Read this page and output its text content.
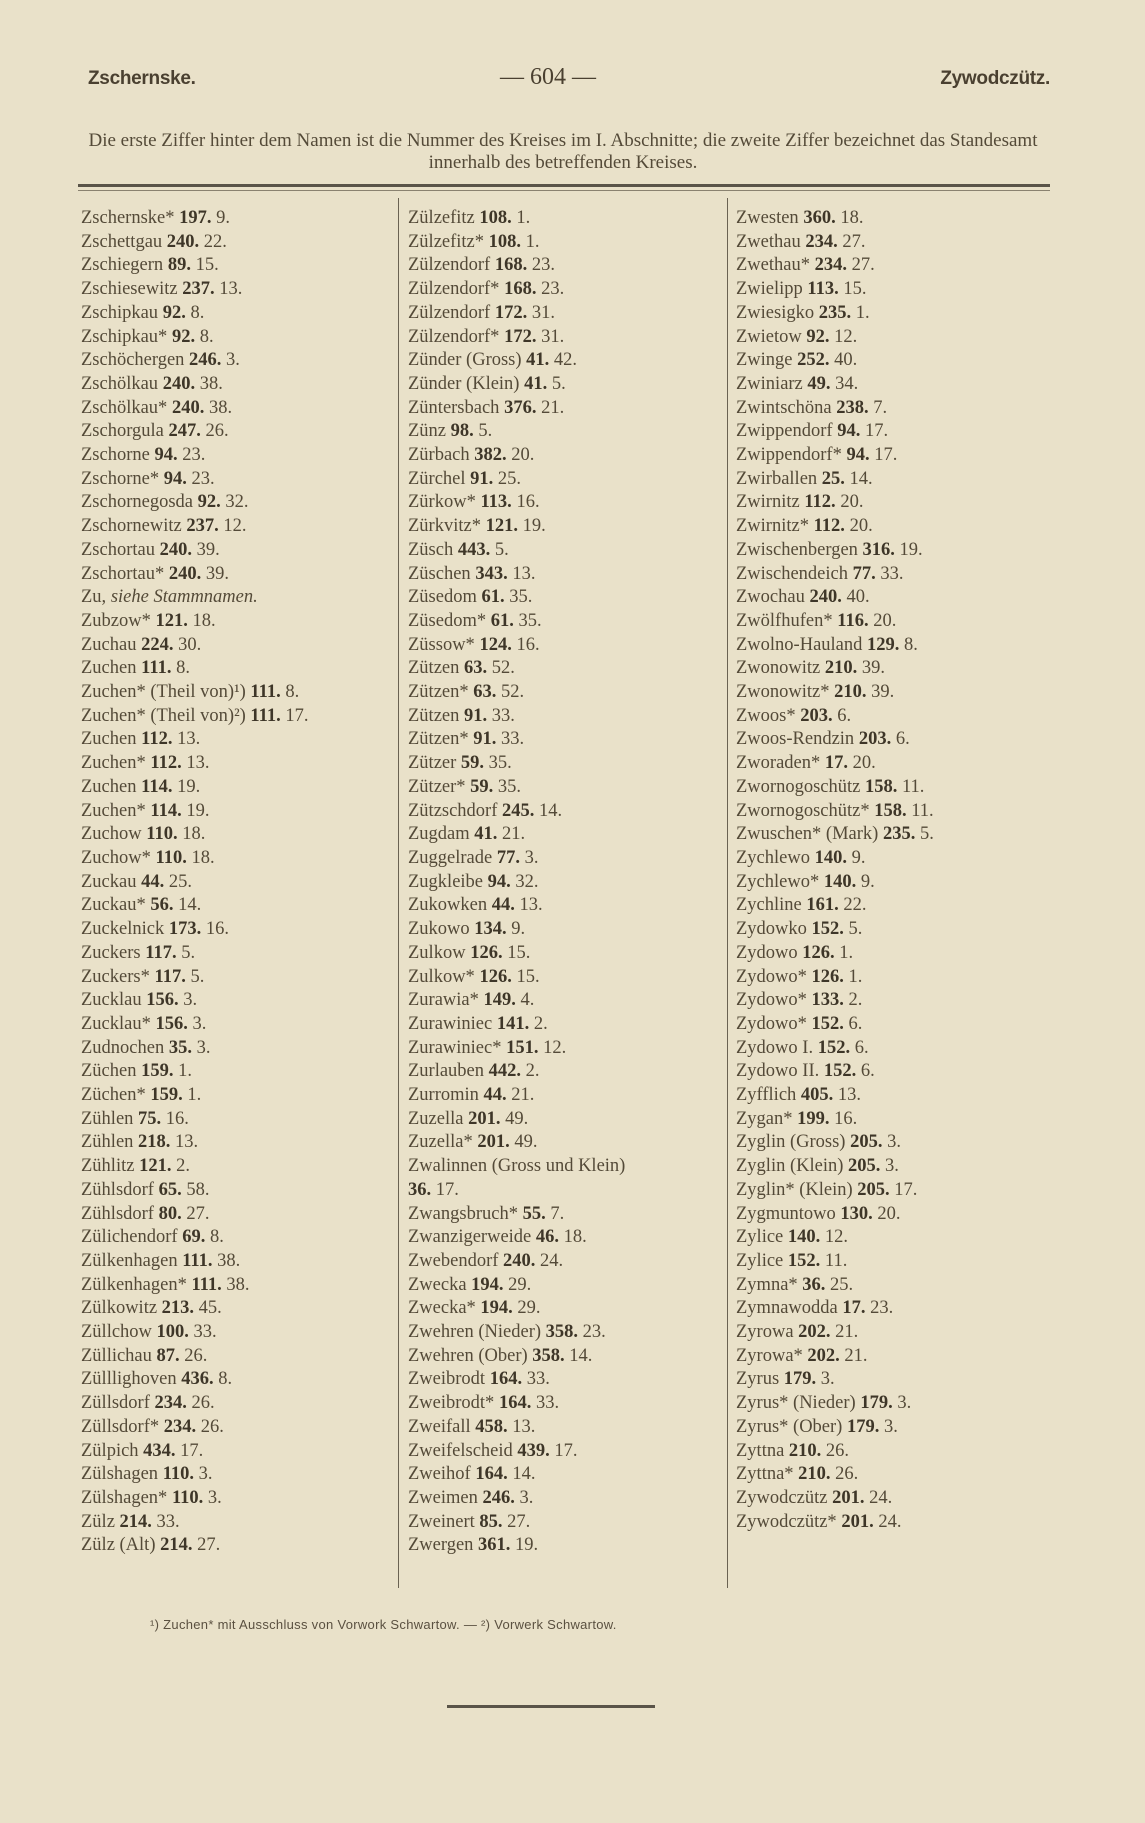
Zschernske.	— 604 —	Zywodczütz.
Die erste Ziffer hinter dem Namen ist die Nummer des Kreises im I. Abschnitte; die zweite Ziffer bezeichnet das Standesamt innerhalb des betreffenden Kreises.
Zschernske* 197. 9.
Zschettgau 240. 22.
Zschiegern 89. 15.
Zschiesewitz 237. 13.
Zschipkau 92. 8.
Zschipkau* 92. 8.
Zschöchergen 246. 3.
Zschölkau 240. 38.
Zschölkau* 240. 38.
Zschorgula 247. 26.
Zschorne 94. 23.
Zschorne* 94. 23.
Zschornegosda 92. 32.
Zschornewitz 237. 12.
Zschortau 240. 39.
Zschortau* 240. 39.
Zu, siehe Stammnamen.
Zubzow* 121. 18.
Zuchau 224. 30.
Zuchen 111. 8.
Zuchen* (Theil von)¹) 111. 8.
Zuchen* (Theil von)²) 111. 17.
Zuchen 112. 13.
Zuchen* 112. 13.
Zuchen 114. 19.
Zuchen* 114. 19.
Zuchow 110. 18.
Zuchow* 110. 18.
Zuckau 44. 25.
Zuckau* 56. 14.
Zuckelnick 173. 16.
Zuckers 117. 5.
Zuckers* 117. 5.
Zucklau 156. 3.
Zucklau* 156. 3.
Zudnochen 35. 3.
Züchen 159. 1.
Züchen* 159. 1.
Zühlen 75. 16.
Zühlen 218. 13.
Zühlitz 121. 2.
Zühlsdorf 65. 58.
Zühlsdorf 80. 27.
Zülichendorf 69. 8.
Zülkenhagen 111. 38.
Zülkenhagen* 111. 38.
Zülkowitz 213. 45.
Züllchow 100. 33.
Züllichau 87. 26.
Zülllighoven 436. 8.
Züllsdorf 234. 26.
Züllsdorf* 234. 26.
Zülpich 434. 17.
Zülshagen 110. 3.
Zülshagen* 110. 3.
Zülz 214. 33.
Zülz (Alt) 214. 27.
Zülzefitz 108. 1.
Zülzefitz* 108. 1.
Zülzendorf 168. 23.
Zülzendorf* 168. 23.
Zülzendorf 172. 31.
Zülzendorf* 172. 31.
Zünder (Gross) 41. 42.
Zünder (Klein) 41. 5.
Züntersbach 376. 21.
Zünz 98. 5.
Zürbach 382. 20.
Zürchel 91. 25.
Zürkow* 113. 16.
Zürkvitz* 121. 19.
Züsch 443. 5.
Züschen 343. 13.
Züsedom 61. 35.
Züsedom* 61. 35.
Züssow* 124. 16.
Zützen 63. 52.
Zützen* 63. 52.
Zützen 91. 33.
Zützen* 91. 33.
Zützer 59. 35.
Zützer* 59. 35.
Zützschdorf 245. 14.
Zugdam 41. 21.
Zuggelrade 77. 3.
Zugkleibe 94. 32.
Zukowken 44. 13.
Zukowo 134. 9.
Zulkow 126. 15.
Zulkow* 126. 15.
Zurawia* 149. 4.
Zurawiniec 141. 2.
Zurawiniec* 151. 12.
Zurlauben 442. 2.
Zurromin 44. 21.
Zuzella 201. 49.
Zuzella* 201. 49.
Zwalinnen (Gross und Klein)
36. 17.
Zwangsbruch* 55. 7.
Zwanzigerweide 46. 18.
Zwebendorf 240. 24.
Zwecka 194. 29.
Zwecka* 194. 29.
Zwehren (Nieder) 358. 23.
Zwehren (Ober) 358. 14.
Zweibrodt 164. 33.
Zweibrodt* 164. 33.
Zweifall 458. 13.
Zweifelscheid 439. 17.
Zweihof 164. 14.
Zweimen 246. 3.
Zweinert 85. 27.
Zwergen 361. 19.
Zwesten 360. 18.
Zwethau 234. 27.
Zwethau* 234. 27.
Zwielipp 113. 15.
Zwiesigko 235. 1.
Zwietow 92. 12.
Zwinge 252. 40.
Zwiniarz 49. 34.
Zwintschöna 238. 7.
Zwippendorf 94. 17.
Zwippendorf* 94. 17.
Zwirballen 25. 14.
Zwirnitz 112. 20.
Zwirnitz* 112. 20.
Zwischenbergen 316. 19.
Zwischendeich 77. 33.
Zwochau 240. 40.
Zwölfhufen* 116. 20.
Zwolno-Hauland 129. 8.
Zwonowitz 210. 39.
Zwonowitz* 210. 39.
Zwoos* 203. 6.
Zwoos-Rendzin 203. 6.
Zworaden* 17. 20.
Zwornogoschütz 158. 11.
Zwornogoschütz* 158. 11.
Zwuschen* (Mark) 235. 5.
Zychlewo 140. 9.
Zychlewo* 140. 9.
Zychline 161. 22.
Zydowko 152. 5.
Zydowo 126. 1.
Zydowo* 126. 1.
Zydowo* 133. 2.
Zydowo* 152. 6.
Zydowo I. 152. 6.
Zydowo II. 152. 6.
Zyfflich 405. 13.
Zygan* 199. 16.
Zyglin (Gross) 205. 3.
Zyglin (Klein) 205. 3.
Zyglin* (Klein) 205. 17.
Zygmuntowo 130. 20.
Zylice 140. 12.
Zylice 152. 11.
Zymna* 36. 25.
Zymnawodda 17. 23.
Zyrowa 202. 21.
Zyrowa* 202. 21.
Zyrus 179. 3.
Zyrus* (Nieder) 179. 3.
Zyrus* (Ober) 179. 3.
Zyttna 210. 26.
Zyttna* 210. 26.
Zywodczütz 201. 24.
Zywodczütz* 201. 24.
¹) Zuchen* mit Ausschluss von Vorwork Schwartow. — ²) Vorwerk Schwartow.
